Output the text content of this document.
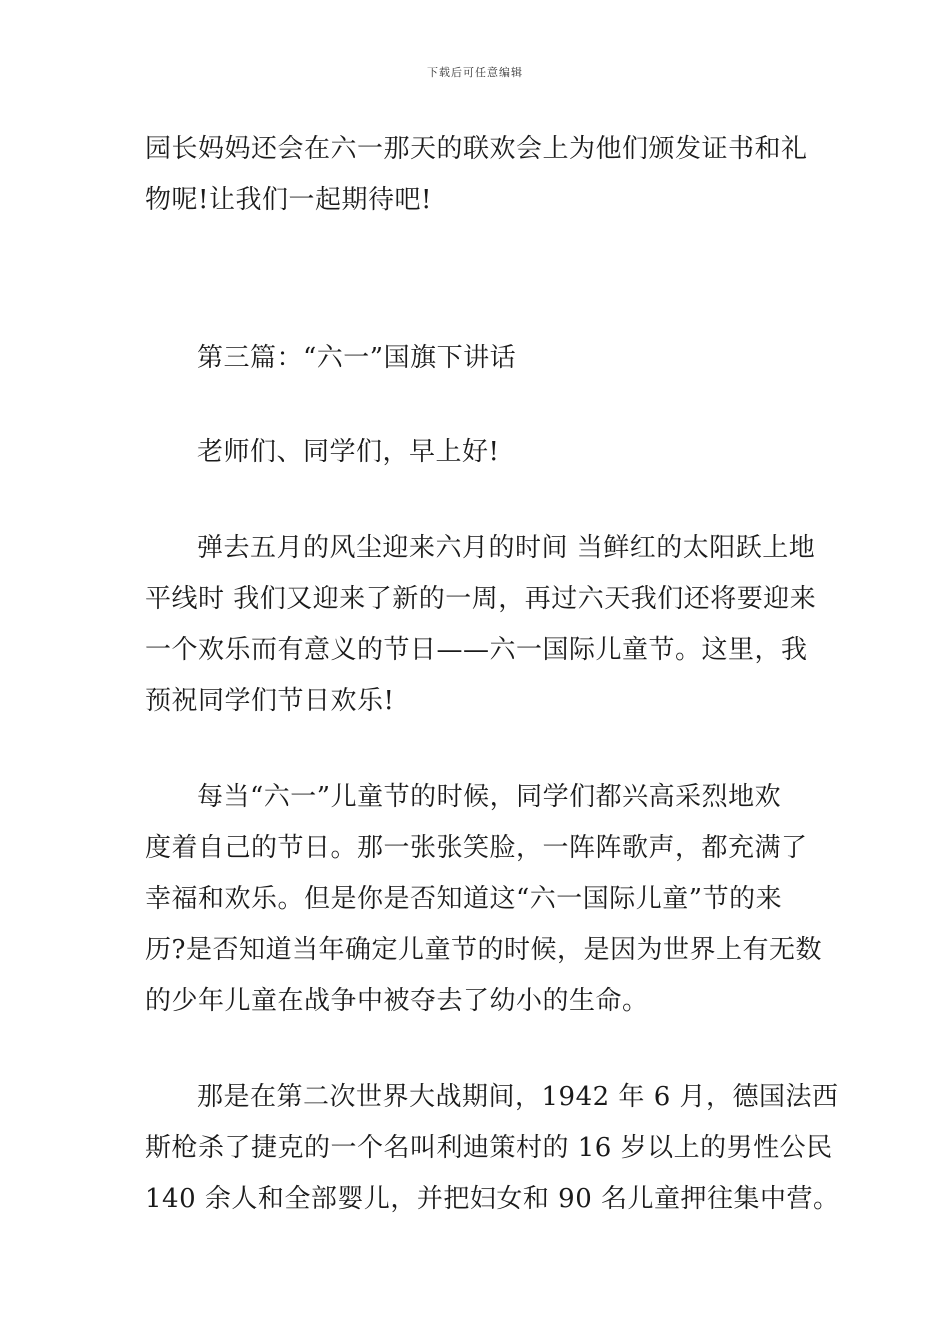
下载后可任意编辑
园长妈妈还会在六一那天的联欢会上为他们颁发证书和礼
物呢!让我们一起期待吧!
第三篇：“六一”国旗下讲话
老师们、同学们，早上好!
弹去五月的风尘迎来六月的时间 当鲜红的太阳跃上地
平线时 我们又迎来了新的一周，再过六天我们还将要迎来
一个欢乐而有意义的节日——六一国际儿童节。这里，我
预祝同学们节日欢乐!
每当“六一”儿童节的时候，同学们都兴高采烈地欢
度着自己的节日。那一张张笑脸，一阵阵歌声，都充满了
幸福和欢乐。但是你是否知道这“六一国际儿童”节的来
历?是否知道当年确定儿童节的时候，是因为世界上有无数
的少年儿童在战争中被夺去了幼小的生命。
那是在第二次世界大战期间，1942 年 6 月，德国法西
斯枪杀了捷克的一个名叫利迪策村的 16 岁以上的男性公民
140 余人和全部婴儿，并把妇女和 90 名儿童押往集中营。
